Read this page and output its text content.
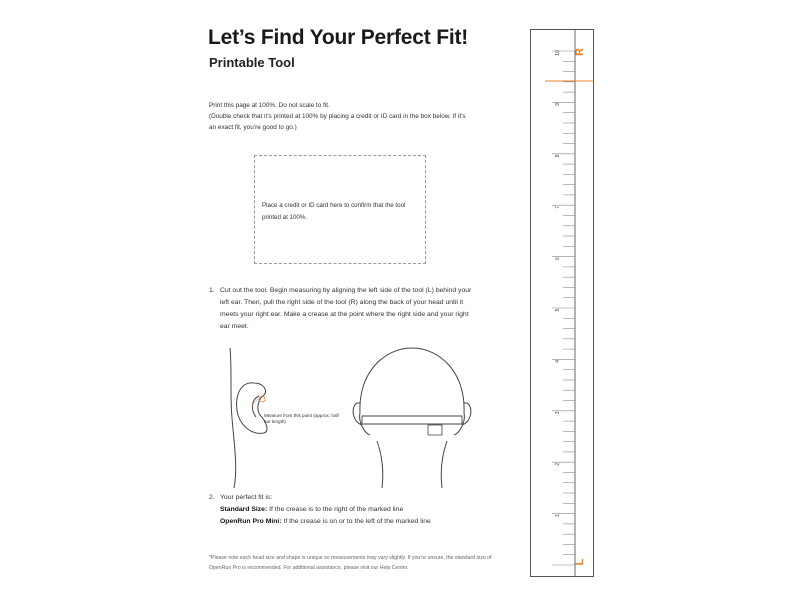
Let’s Find Your Perfect Fit!
Printable Tool

Print this page at 100%. Do not scale to fit.

(Double check that it’s printed at 100% by placing a credit or ID card in the box below. If it’s an exact fit, you’re good to go.)

Place a credit or ID card here to confirm that the tool printed at 100%.
1. Cut out the tool. Begin measuring by aligning the left side of the tool (L) behind your left ear. Then, pull the right side of the tool (R) along the back of your head until it meets your right ear. Make a crease at the point where the right side and your right ear meet.
Measure from this point (approx. half ear length)
2. Your perfect fit is:
Standard Size: If the crease is to the right of the marked line
OpenRun Pro Mini: If the crease is on or to the left of the marked line
*Please note each head size and shape is unique so measurements may vary slightly. If you’re unsure, the standard size of OpenRun Pro is recommended. For additional assistance, please visit our Help Center.
1
2
3
4
5
6
7
8
9
10 R
L
